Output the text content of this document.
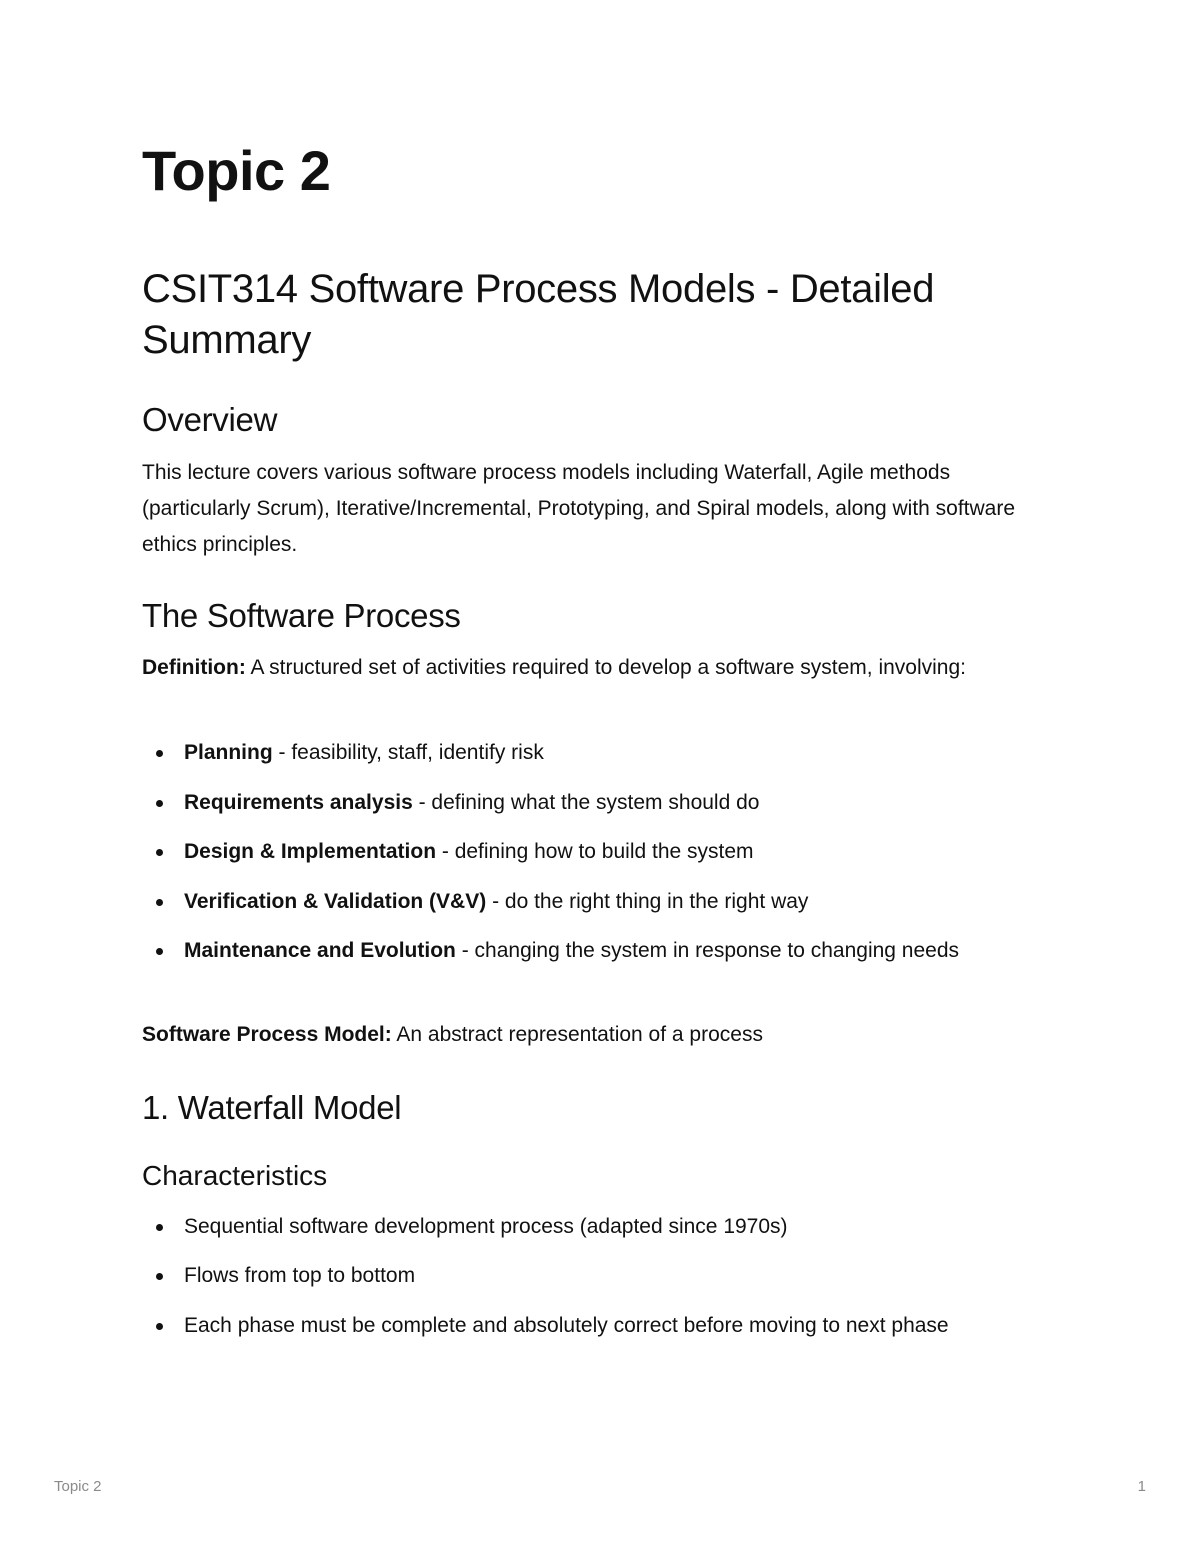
Topic 2
CSIT314 Software Process Models - Detailed Summary
Overview

This lecture covers various software process models including Waterfall, Agile methods (particularly Scrum), Iterative/Incremental, Prototyping, and Spiral models, along with software ethics principles.

The Software Process

Definition: A structured set of activities required to develop a software system, involving:

Planning - feasibility, staff, identify risk
Requirements analysis - defining what the system should do
Design & Implementation - defining how to build the system
Verification & Validation (V&V) - do the right thing in the right way
Maintenance and Evolution - changing the system in response to changing needs

Software Process Model: An abstract representation of a process

1. Waterfall Model
Characteristics
Sequential software development process (adapted since 1970s)
Flows from top to bottom
Each phase must be complete and absolutely correct before moving to next phase
Topic 2	1
